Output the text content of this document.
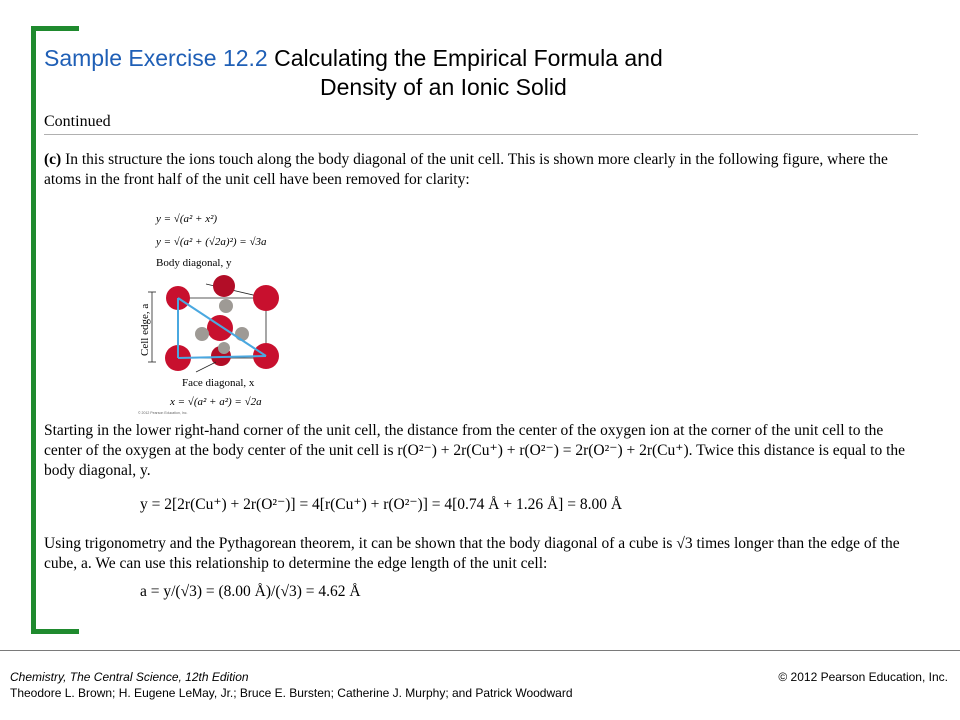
Sample Exercise 12.2 Calculating the Empirical Formula and
Density of an Ionic Solid
Continued
(c) In this structure the ions touch along the body diagonal of the unit cell. This is shown more clearly in the following figure, where the atoms in the front half of the unit cell have been removed for clarity:
y = √(a² + x²)
y = √(a² + (√2a)²) = √3a
Body diagonal, y
Cell edge, a
Face diagonal, x
x = √(a² + a²) = √2a
© 2012 Pearson Education, Inc.
Starting in the lower right-hand corner of the unit cell, the distance from the center of the oxygen ion at the corner of the unit cell to the center of the oxygen at the body center of the unit cell is r(O²⁻) + 2r(Cu⁺) + r(O²⁻) = 2r(O²⁻) + 2r(Cu⁺). Twice this distance is equal to the body diagonal, y.
y = 2[2r(Cu⁺) + 2r(O²⁻)] = 4[r(Cu⁺) + r(O²⁻)] = 4[0.74 Å + 1.26 Å] = 8.00 Å
Using trigonometry and the Pythagorean theorem, it can be shown that the body diagonal of a cube is √3 times longer than the edge of the cube, a. We can use this relationship to determine the edge length of the unit cell:
a = y/(√3) = (8.00 Å)/(√3) = 4.62 Å
Chemistry, The Central Science, 12th Edition
Theodore L. Brown; H. Eugene LeMay, Jr.; Bruce E. Bursten; Catherine J. Murphy; and Patrick Woodward
© 2012 Pearson Education, Inc.
